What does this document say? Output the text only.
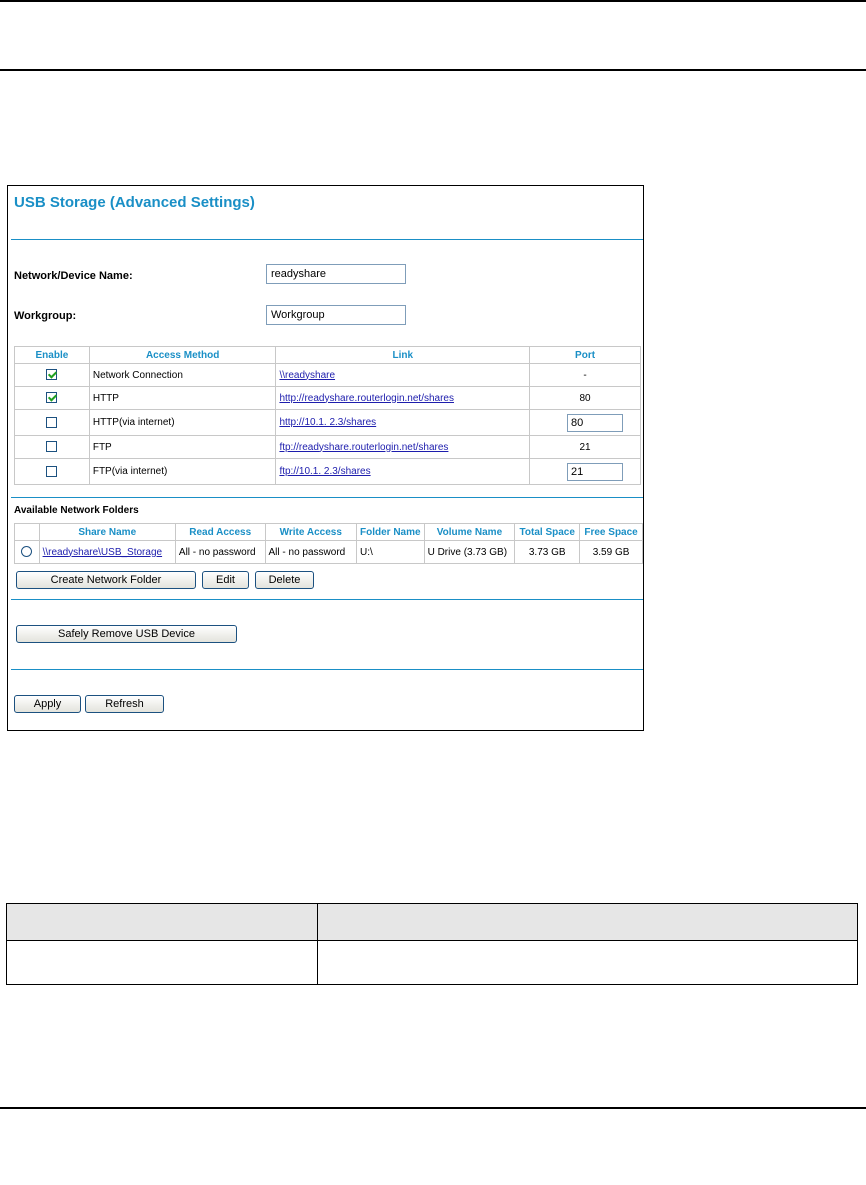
USB Storage (Advanced Settings)
Network/Device Name:
readyshare
Workgroup:
Workgroup
Enable	Access Method	Link	Port
	Network Connection	\\readyshare	-
	HTTP	http://readyshare.routerlogin.net/shares	80
	HTTP(via internet)	http://10.1. 2.3/shares	80
	FTP	ftp://readyshare.routerlogin.net/shares	21
	FTP(via internet)	ftp://10.1. 2.3/shares	21
Available Network Folders
	Share Name	Read Access	Write Access	Folder Name	Volume Name	Total Space	Free Space
	\\readyshare\USB_Storage	All - no password	All - no password	U:\	U Drive (3.73 GB)	3.73 GB	3.59 GB
Create Network Folder	Edit	Delete
Safely Remove USB Device
Apply	Refresh
